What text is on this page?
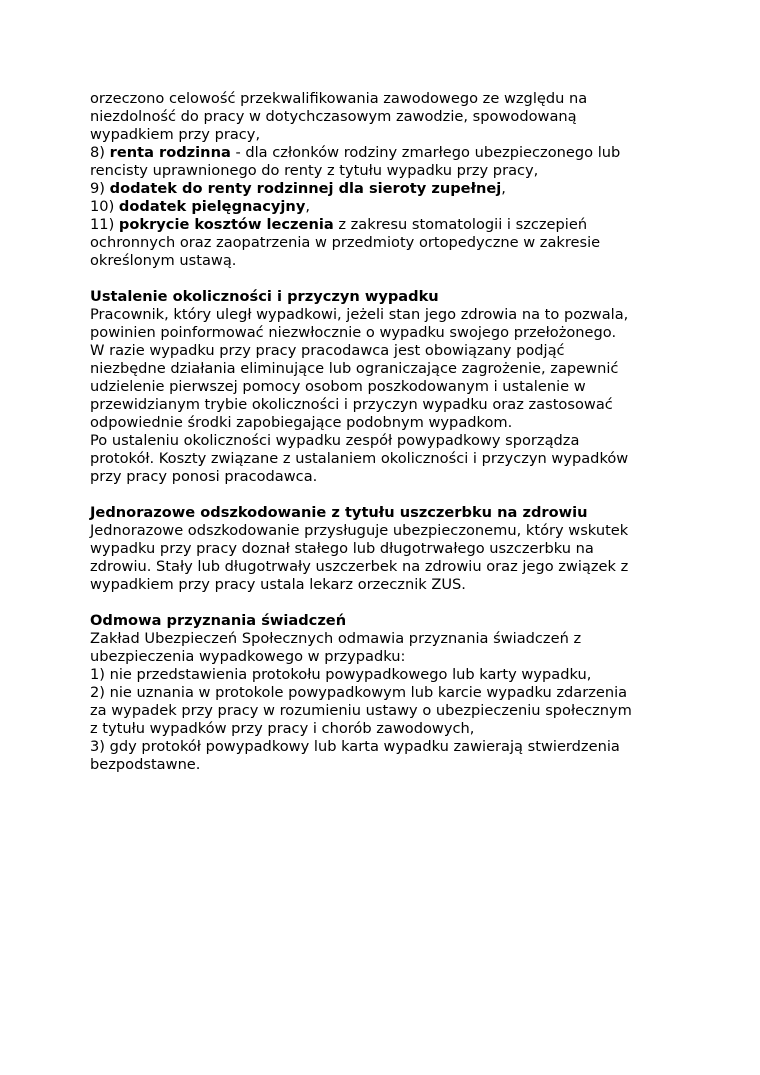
orzeczono celowość przekwalifikowania zawodowego ze względu na
niezdolność do pracy w dotychczasowym zawodzie, spowodowaną
wypadkiem przy pracy,
8) renta rodzinna - dla członków rodziny zmarłego ubezpieczonego lub
rencisty uprawnionego do renty z tytułu wypadku przy pracy,
9) dodatek do renty rodzinnej dla sieroty zupełnej,
10) dodatek pielęgnacyjny,
11) pokrycie kosztów leczenia z zakresu stomatologii i szczepień
ochronnych oraz zaopatrzenia w przedmioty ortopedyczne w zakresie
określonym ustawą.
Ustalenie okoliczności i przyczyn wypadku
Pracownik, który uległ wypadkowi, jeżeli stan jego zdrowia na to pozwala,
powinien poinformować niezwłocznie o wypadku swojego przełożonego.
W razie wypadku przy pracy pracodawca jest obowiązany podjąć
niezbędne działania eliminujące lub ograniczające zagrożenie, zapewnić
udzielenie pierwszej pomocy osobom poszkodowanym i ustalenie w
przewidzianym trybie okoliczności i przyczyn wypadku oraz zastosować
odpowiednie środki zapobiegające podobnym wypadkom.
Po ustaleniu okoliczności wypadku zespół powypadkowy sporządza
protokół. Koszty związane z ustalaniem okoliczności i przyczyn wypadków
przy pracy ponosi pracodawca.
Jednorazowe odszkodowanie z tytułu uszczerbku na zdrowiu
Jednorazowe odszkodowanie przysługuje ubezpieczonemu, który wskutek
wypadku przy pracy doznał stałego lub długotrwałego uszczerbku na
zdrowiu. Stały lub długotrwały uszczerbek na zdrowiu oraz jego związek z
wypadkiem przy pracy ustala lekarz orzecznik ZUS.
Odmowa przyznania świadczeń
Zakład Ubezpieczeń Społecznych odmawia przyznania świadczeń z
ubezpieczenia wypadkowego w przypadku:
1) nie przedstawienia protokołu powypadkowego lub karty wypadku,
2) nie uznania w protokole powypadkowym lub karcie wypadku zdarzenia
za wypadek przy pracy w rozumieniu ustawy o ubezpieczeniu społecznym
z tytułu wypadków przy pracy i chorób zawodowych,
3) gdy protokół powypadkowy lub karta wypadku zawierają stwierdzenia
bezpodstawne.
